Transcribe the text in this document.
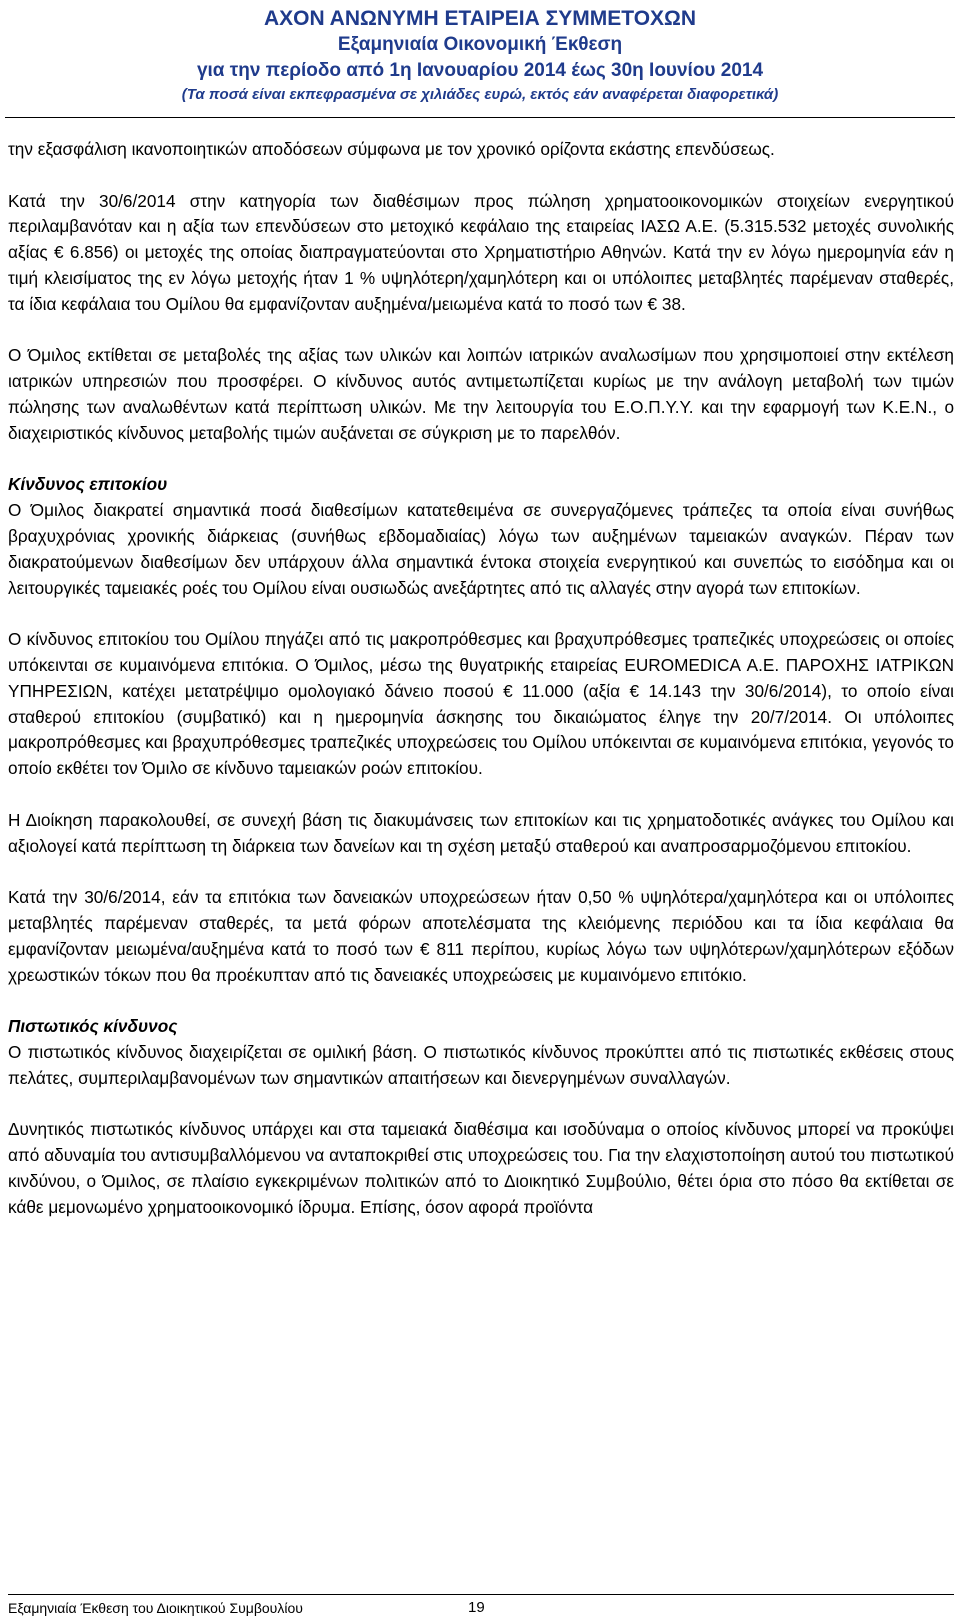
ΑΧΟΝ ΑΝΩΝΥΜΗ ΕΤΑΙΡΕΙΑ ΣΥΜΜΕΤΟΧΩΝ
Εξαμηνιαία Οικονομική Έκθεση
για την περίοδο από 1η Ιανουαρίου 2014 έως 30η Ιουνίου 2014
(Τα ποσά είναι εκπεφρασμένα σε χιλιάδες ευρώ, εκτός εάν αναφέρεται διαφορετικά)

την εξασφάλιση ικανοποιητικών αποδόσεων σύμφωνα με τον χρονικό ορίζοντα εκάστης επενδύσεως.

Κατά την 30/6/2014 στην κατηγορία των διαθέσιμων προς πώληση χρηματοοικονομικών στοιχείων ενεργητικού περιλαμβανόταν και η αξία των επενδύσεων στο μετοχικό κεφάλαιο της εταιρείας ΙΑΣΩ Α.Ε. (5.315.532 μετοχές συνολικής αξίας € 6.856) οι μετοχές της οποίας διαπραγματεύονται στο Χρηματιστήριο Αθηνών. Κατά την εν λόγω ημερομηνία εάν η τιμή κλεισίματος της εν λόγω μετοχής ήταν 1 % υψηλότερη/χαμηλότερη και οι υπόλοιπες μεταβλητές παρέμεναν σταθερές, τα ίδια κεφάλαια του Ομίλου θα εμφανίζονταν αυξημένα/μειωμένα κατά το ποσό των € 38.

Ο Όμιλος εκτίθεται σε μεταβολές της αξίας των υλικών και λοιπών ιατρικών αναλωσίμων που χρησιμοποιεί στην εκτέλεση ιατρικών υπηρεσιών που προσφέρει. Ο κίνδυνος αυτός αντιμετωπίζεται κυρίως με την ανάλογη μεταβολή των τιμών πώλησης των αναλωθέντων κατά περίπτωση υλικών. Με την λειτουργία του Ε.Ο.Π.Υ.Υ. και την εφαρμογή των Κ.Ε.Ν., ο διαχειριστικός κίνδυνος μεταβολής τιμών αυξάνεται σε σύγκριση με το παρελθόν.

Κίνδυνος επιτοκίου

Ο Όμιλος διακρατεί σημαντικά ποσά διαθεσίμων κατατεθειμένα σε συνεργαζόμενες τράπεζες τα οποία είναι συνήθως βραχυχρόνιας χρονικής διάρκειας (συνήθως εβδομαδιαίας) λόγω των αυξημένων ταμειακών αναγκών. Πέραν των διακρατούμενων διαθεσίμων δεν υπάρχουν άλλα σημαντικά έντοκα στοιχεία ενεργητικού και συνεπώς το εισόδημα και οι λειτουργικές ταμειακές ροές του Ομίλου είναι ουσιωδώς ανεξάρτητες από τις αλλαγές στην αγορά των επιτοκίων.

Ο κίνδυνος επιτοκίου του Ομίλου πηγάζει από τις μακροπρόθεσμες και βραχυπρόθεσμες τραπεζικές υποχρεώσεις οι οποίες υπόκεινται σε κυμαινόμενα επιτόκια. Ο Όμιλος, μέσω της θυγατρικής εταιρείας EUROMEDICA Α.Ε. ΠΑΡΟΧΗΣ ΙΑΤΡΙΚΩΝ ΥΠΗΡΕΣΙΩΝ, κατέχει μετατρέψιμο ομολογιακό δάνειο ποσού € 11.000 (αξία € 14.143 την 30/6/2014), το οποίο είναι σταθερού επιτοκίου (συμβατικό) και η ημερομηνία άσκησης του δικαιώματος έληγε την 20/7/2014. Οι υπόλοιπες μακροπρόθεσμες και βραχυπρόθεσμες τραπεζικές υποχρεώσεις του Ομίλου υπόκεινται σε κυμαινόμενα επιτόκια, γεγονός το οποίο εκθέτει τον Όμιλο σε κίνδυνο ταμειακών ροών επιτοκίου.

Η Διοίκηση παρακολουθεί, σε συνεχή βάση τις διακυμάνσεις των επιτοκίων και τις χρηματοδοτικές ανάγκες του Ομίλου και αξιολογεί κατά περίπτωση τη διάρκεια των δανείων και τη σχέση μεταξύ σταθερού και αναπροσαρμοζόμενου επιτοκίου.

Κατά την 30/6/2014, εάν τα επιτόκια των δανειακών υποχρεώσεων ήταν 0,50 % υψηλότερα/χαμηλότερα και οι υπόλοιπες μεταβλητές παρέμεναν σταθερές, τα μετά φόρων αποτελέσματα της κλειόμενης περιόδου και τα ίδια κεφάλαια θα εμφανίζονταν μειωμένα/αυξημένα κατά το ποσό των € 811 περίπου, κυρίως λόγω των υψηλότερων/χαμηλότερων εξόδων χρεωστικών τόκων που θα προέκυπταν από τις δανειακές υποχρεώσεις με κυμαινόμενο επιτόκιο.

Πιστωτικός κίνδυνος

Ο πιστωτικός κίνδυνος διαχειρίζεται σε ομιλική βάση. Ο πιστωτικός κίνδυνος προκύπτει από τις πιστωτικές εκθέσεις στους πελάτες, συμπεριλαμβανομένων των σημαντικών απαιτήσεων και διενεργημένων συναλλαγών.

Δυνητικός πιστωτικός κίνδυνος υπάρχει και στα ταμειακά διαθέσιμα και ισοδύναμα ο οποίος κίνδυνος μπορεί να προκύψει από αδυναμία του αντισυμβαλλόμενου να ανταποκριθεί στις υποχρεώσεις του. Για την ελαχιστοποίηση αυτού του πιστωτικού κινδύνου, ο Όμιλος, σε πλαίσιο εγκεκριμένων πολιτικών από το Διοικητικό Συμβούλιο, θέτει όρια στο πόσο θα εκτίθεται σε κάθε μεμονωμένο χρηματοοικονομικό ίδρυμα. Επίσης, όσον αφορά προϊόντα

Εξαμηνιαία Έκθεση του Διοικητικού Συμβουλίου	19
